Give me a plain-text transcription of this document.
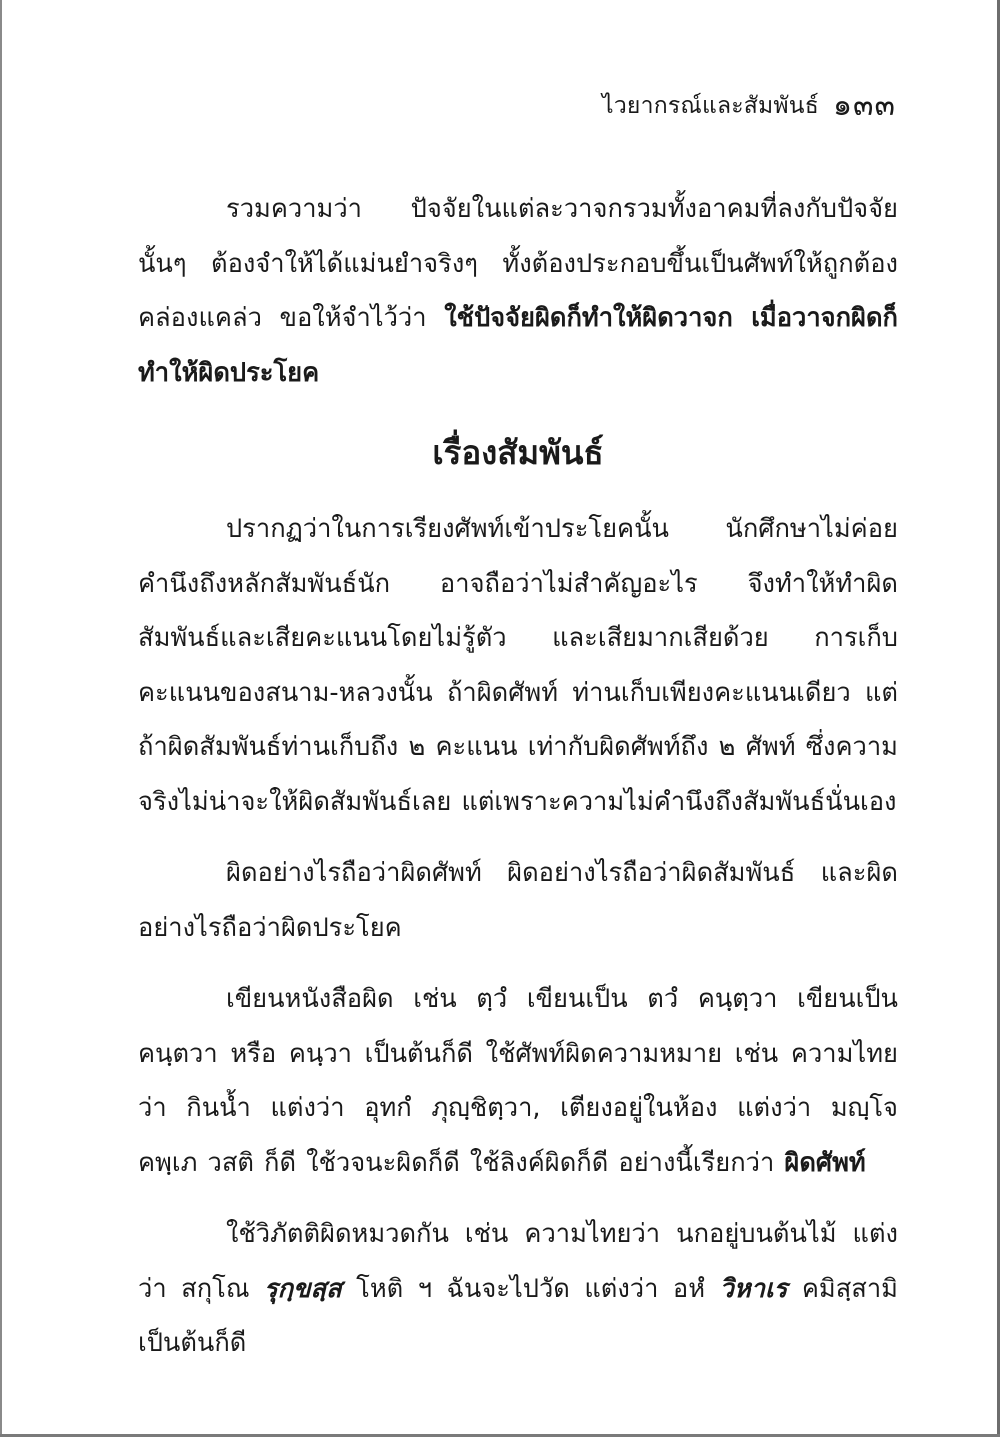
ไวยากรณ์และสัมพันธ์ ๑๓๓

รวมความว่า ปัจจัยในแต่ละวาจกรวมทั้งอาคมที่ลงกับปัจจัยนั้นๆ ต้องจำให้ได้แม่นยำจริงๆ ทั้งต้องประกอบขึ้นเป็นศัพท์ให้ถูกต้องคล่องแคล่ว ขอให้จำไว้ว่า ใช้ปัจจัยผิดก็ทำให้ผิดวาจก เมื่อวาจกผิดก็ทำให้ผิดประโยค

เรื่องสัมพันธ์

ปรากฏว่าในการเรียงศัพท์เข้าประโยคนั้น นักศึกษาไม่ค่อยคำนึงถึงหลักสัมพันธ์นัก อาจถือว่าไม่สำคัญอะไร จึงทำให้ทำผิดสัมพันธ์และเสียคะแนนโดยไม่รู้ตัว และเสียมากเสียด้วย การเก็บคะแนนของสนาม-หลวงนั้น ถ้าผิดศัพท์ ท่านเก็บเพียงคะแนนเดียว แต่ถ้าผิดสัมพันธ์ท่านเก็บถึง ๒ คะแนน เท่ากับผิดศัพท์ถึง ๒ ศัพท์ ซึ่งความจริงไม่น่าจะให้ผิดสัมพันธ์เลย แต่เพราะความไม่คำนึงถึงสัมพันธ์นั่นเอง

ผิดอย่างไรถือว่าผิดศัพท์ ผิดอย่างไรถือว่าผิดสัมพันธ์ และผิดอย่างไรถือว่าผิดประโยค

เขียนหนังสือผิด เช่น ตฺวํ เขียนเป็น ตวํ คนฺตฺวา เขียนเป็น คนฺตวา หรือ คนฺวา เป็นต้นก็ดี ใช้ศัพท์ผิดความหมาย เช่น ความไทยว่า กินน้ำ แต่งว่า อุทกํ ภุญฺชิตฺวา, เตียงอยู่ในห้อง แต่งว่า มญฺโจ คพฺเภ วสติ ก็ดี ใช้วจนะผิดก็ดี ใช้ลิงค์ผิดก็ดี อย่างนี้เรียกว่า ผิดศัพท์

ใช้วิภัตติผิดหมวดกัน เช่น ความไทยว่า นกอยู่บนต้นไม้ แต่งว่า สกุโณ รุกฺขสฺส โหติ ฯ ฉันจะไปวัด แต่งว่า อหํ วิหาเร คมิสฺสามิ เป็นต้นก็ดี
